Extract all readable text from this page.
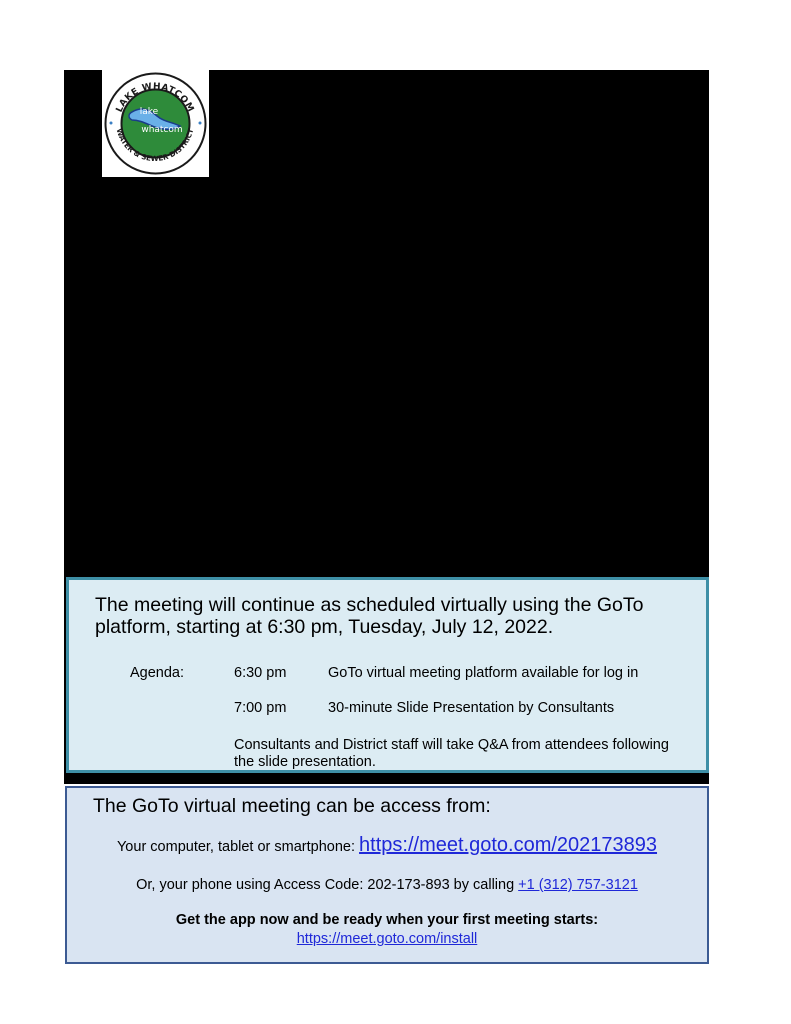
LAKE WHATCOM
WATER & SEWER DISTRICT
lake
whatcom
The meeting will continue as scheduled virtually using the GoTo platform, starting at 6:30 pm, Tuesday, July 12, 2022.
Agenda:	6:30 pm	GoTo virtual meeting platform available for log in
7:00 pm	30-minute Slide Presentation by Consultants
Consultants and District staff will take Q&A from attendees following the slide presentation.
The GoTo virtual meeting can be access from:
Your computer, tablet or smartphone: https://meet.goto.com/202173893
Or, your phone using Access Code: 202-173-893 by calling +1 (312) 757-3121
Get the app now and be ready when your first meeting starts:
https://meet.goto.com/install
